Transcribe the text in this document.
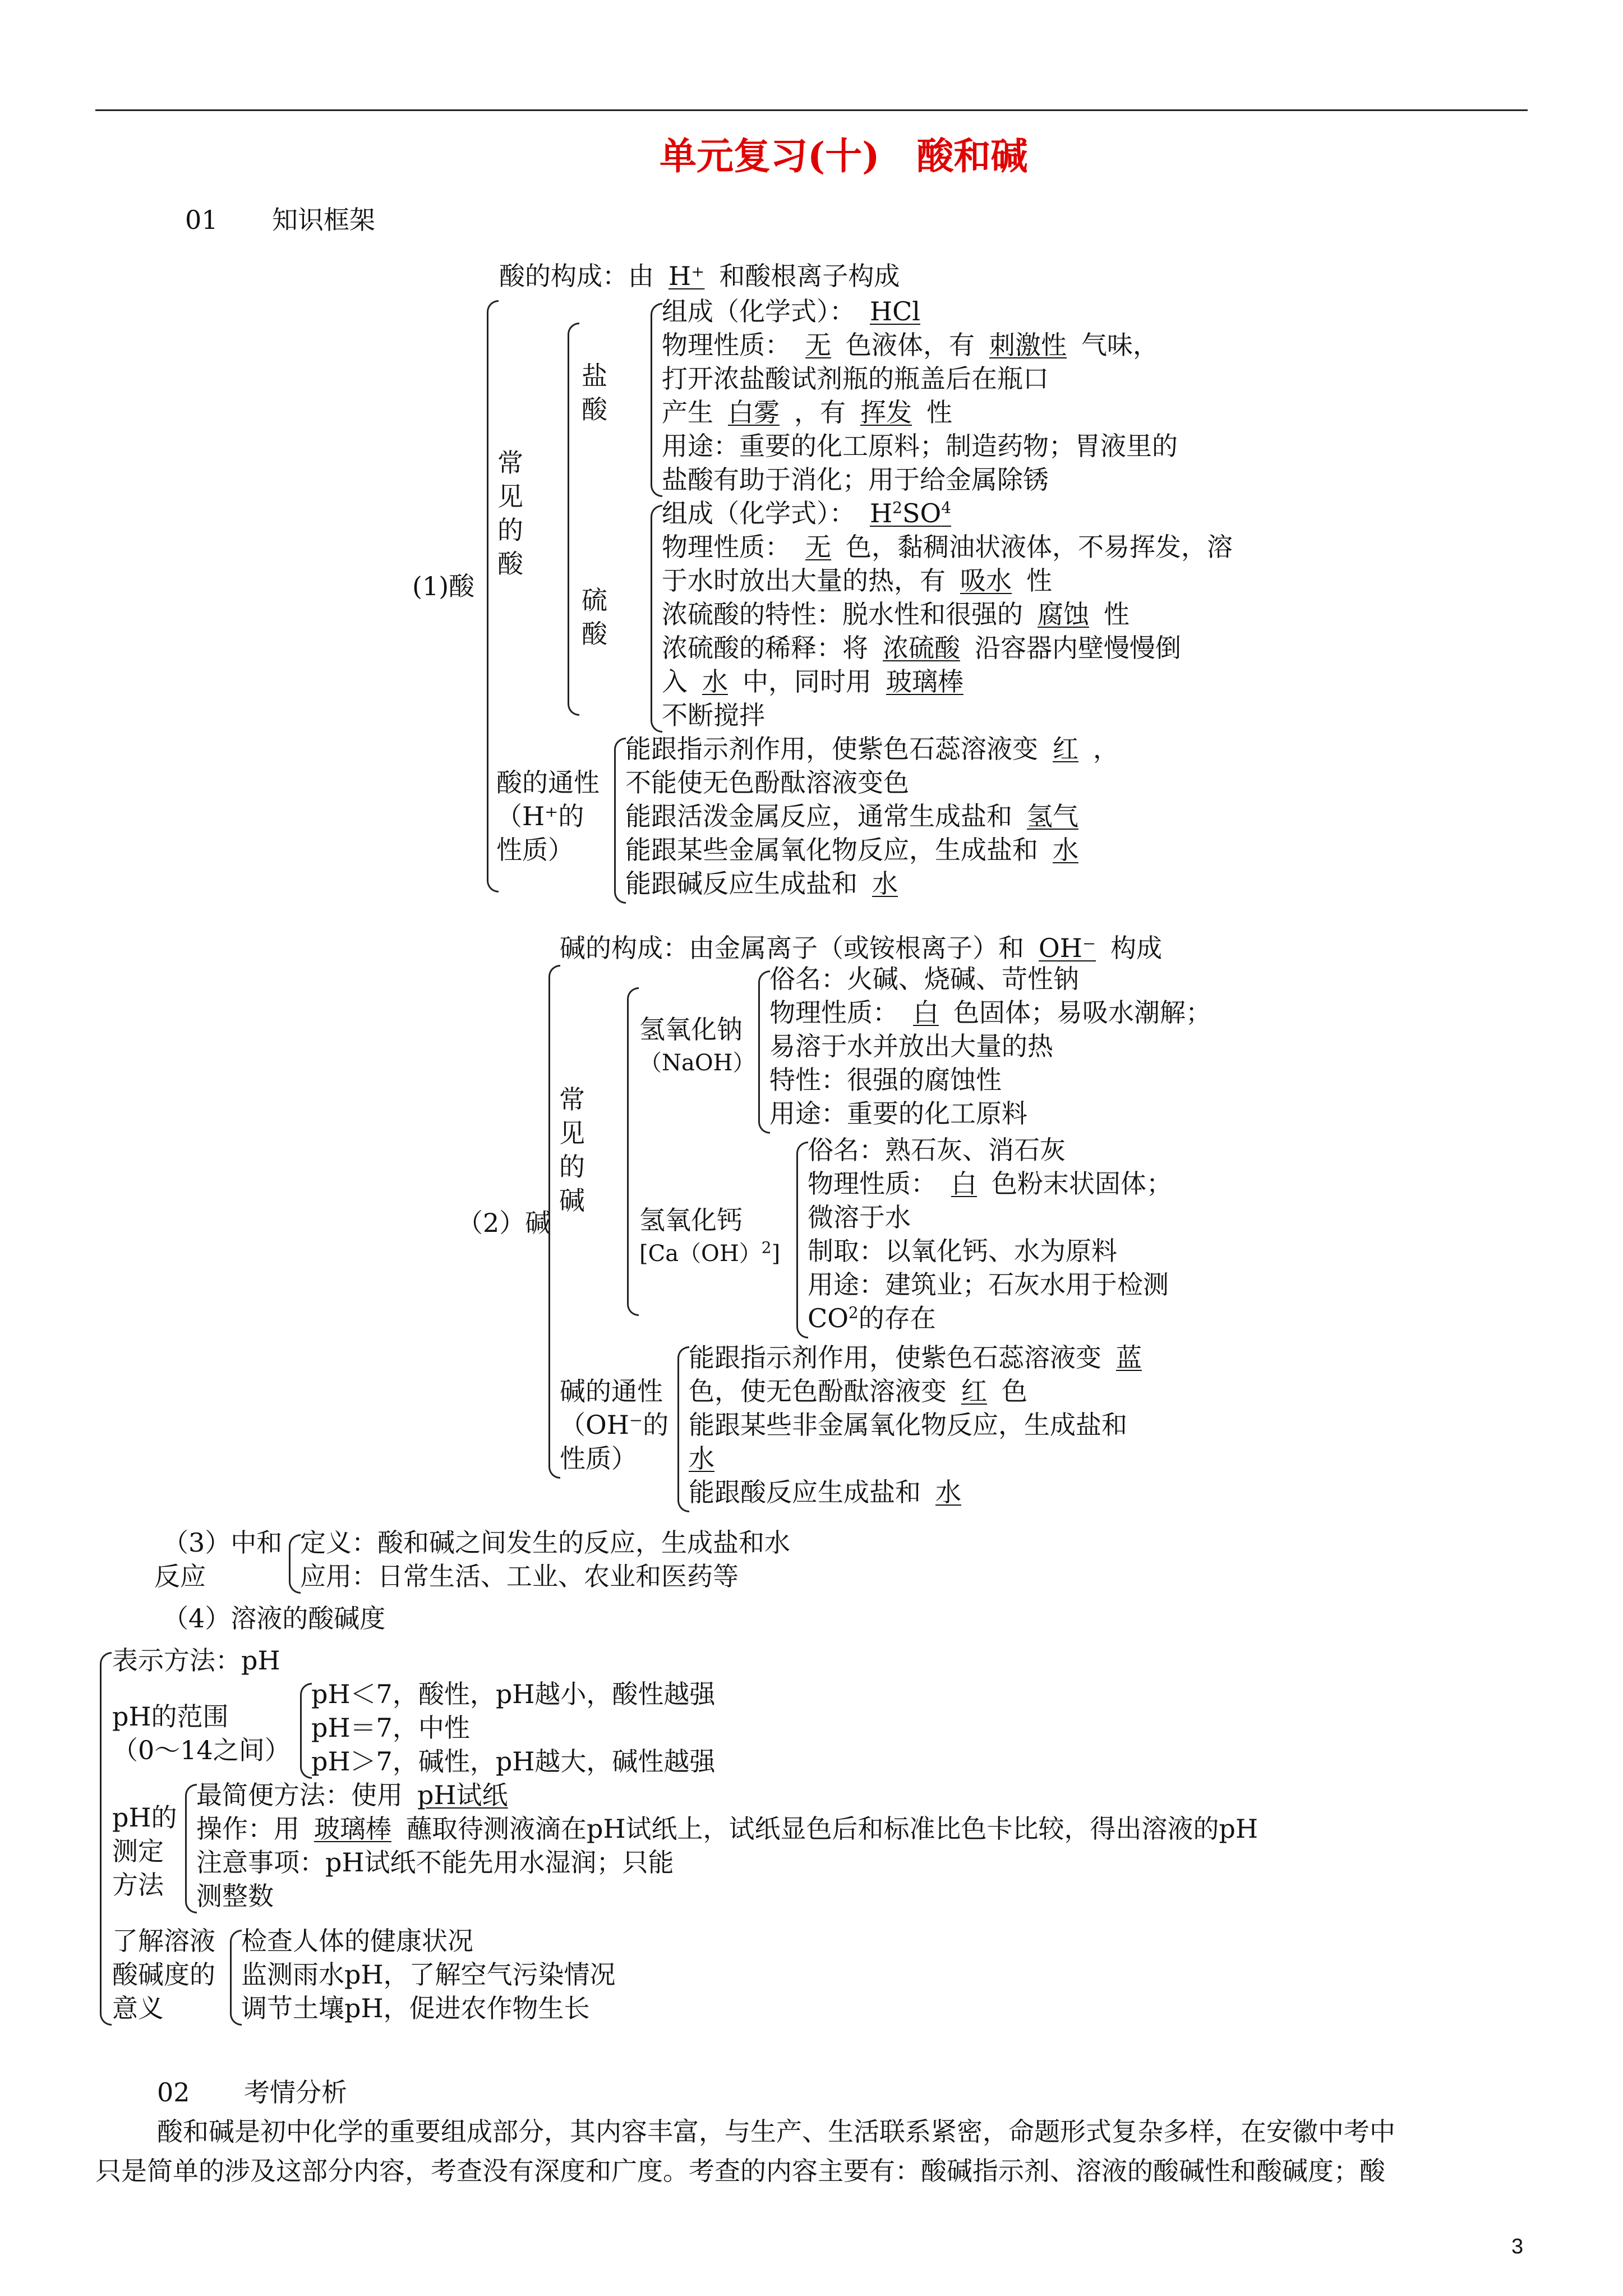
单元复习(十)　酸和碱
01 知识框架
(1)酸
酸的构成：由 H⁺ 和酸根离子构成
常见的酸
盐酸
组成（化学式）： HCl
物理性质： 无 色液体，有 刺激性 气味，
打开浓盐酸试剂瓶的瓶盖后在瓶口
产生 白雾 ，有 挥发 性
用途：重要的化工原料；制造药物；胃液里的
盐酸有助于消化；用于给金属除锈
硫酸
组成（化学式）： $H^2SO^4$
物理性质： 无 色，黏稠油状液体，不易挥发，溶
于水时放出大量的热，有 吸水 性
浓硫酸的特性：脱水性和很强的 腐蚀 性
浓硫酸的稀释：将 浓硫酸 沿容器内壁慢慢倒
入 水 中，同时用 玻璃棒
不断搅拌
酸的通性
（H⁺的
性质）
能跟指示剂作用，使紫色石蕊溶液变 红 ，
不能使无色酚酞溶液变色
能跟活泼金属反应，通常生成盐和 氢气
能跟某些金属氧化物反应，生成盐和 水
能跟碱反应生成盐和 水
（2）碱
碱的构成：由金属离子（或铵根离子）和 OH⁻ 构成
常见的碱
氢氧化钠
（NaOH）
俗名：火碱、烧碱、苛性钠
物理性质： 白 色固体；易吸水潮解；
易溶于水并放出大量的热
特性：很强的腐蚀性
用途：重要的化工原料
氢氧化钙
[Ca（OH）$^2$]
俗名：熟石灰、消石灰
物理性质： 白 色粉末状固体；
微溶于水
制取：以氧化钙、水为原料
用途：建筑业；石灰水用于检测
$CO^2$的存在
碱的通性
（OH⁻的
性质）
能跟指示剂作用，使紫色石蕊溶液变 蓝
色，使无色酚酞溶液变 红 色
能跟某些非金属氧化物反应，生成盐和
水
能跟酸反应生成盐和 水
（3）中和
反应
定义：酸和碱之间发生的反应，生成盐和水
应用：日常生活、工业、农业和医药等
（4）溶液的酸碱度
表示方法：pH
pH的范围
（0～14之间）
pH＜7，酸性，pH越小，酸性越强
pH＝7，中性
pH＞7，碱性，pH越大，碱性越强
pH的
测定
方法
最简便方法：使用 pH试纸
操作：用 玻璃棒 蘸取待测液滴在pH试纸上，试纸显色后和标准比色卡比较，得出溶液的pH
注意事项：pH试纸不能先用水湿润；只能
测整数
了解溶液
酸碱度的
意义
检查人体的健康状况
监测雨水pH，了解空气污染情况
调节土壤pH，促进农作物生长
02 考情分析
酸和碱是初中化学的重要组成部分，其内容丰富，与生产、生活联系紧密，命题形式复杂多样，在安徽中考中
只是简单的涉及这部分内容，考查没有深度和广度。考查的内容主要有：酸碱指示剂、溶液的酸碱性和酸碱度；酸
3
